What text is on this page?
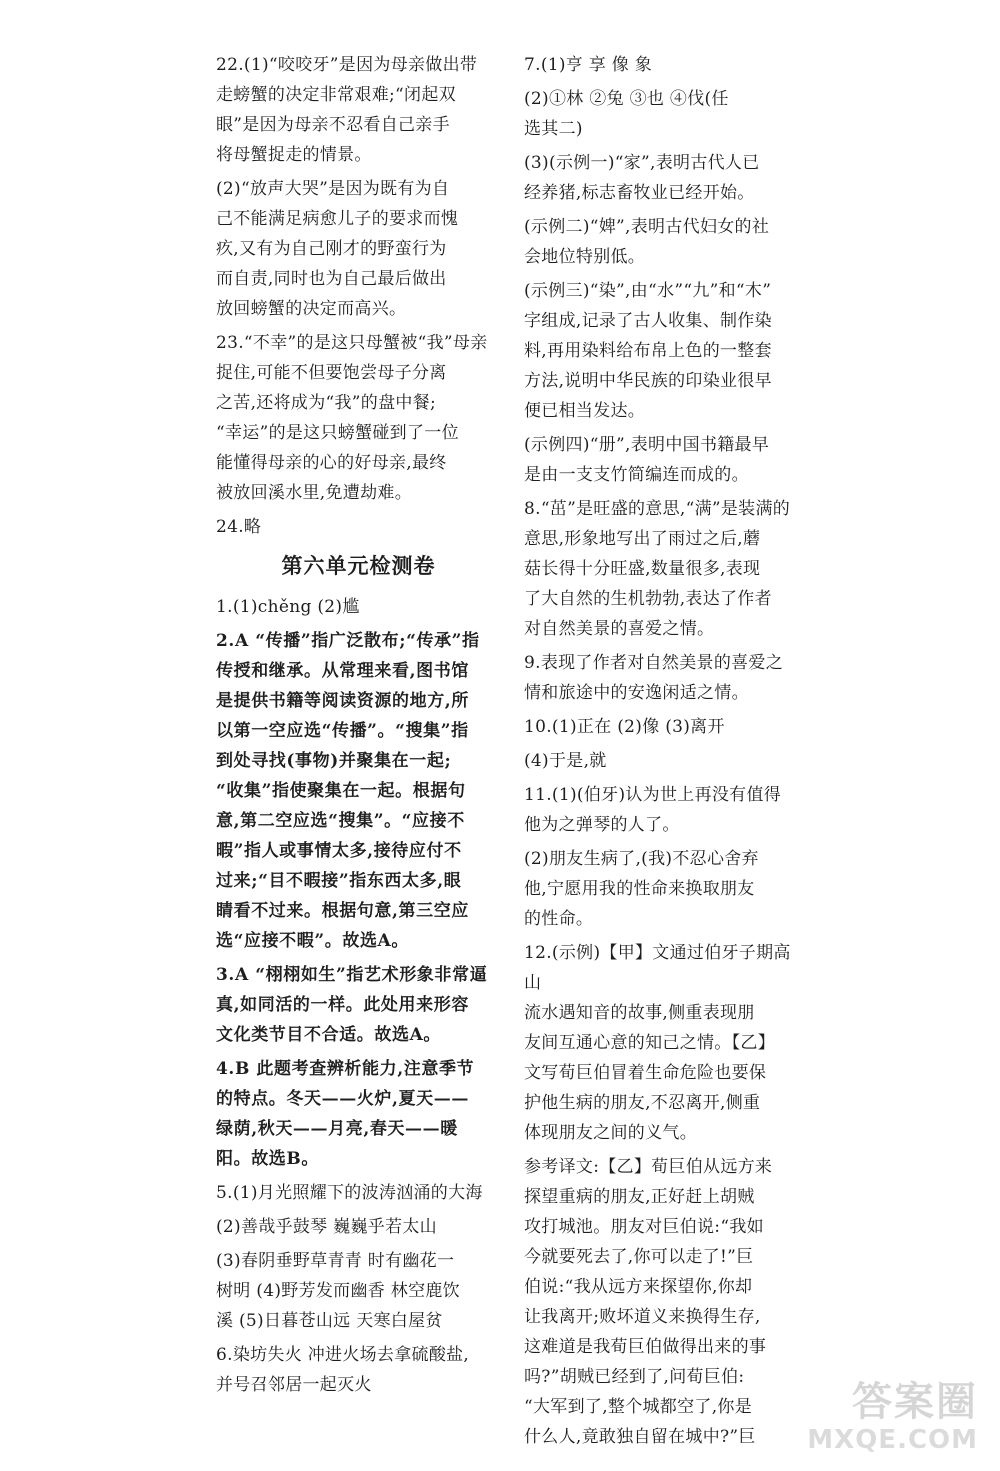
22.(1)“咬咬牙”是因为母亲做出带
走螃蟹的决定非常艰难;“闭起双
眼”是因为母亲不忍看自己亲手
将母蟹捉走的情景。

(2)“放声大哭”是因为既有为自
己不能满足病愈儿子的要求而愧
疚,又有为自己刚才的野蛮行为
而自责,同时也为自己最后做出
放回螃蟹的决定而高兴。

23.“不幸”的是这只母蟹被“我”母亲
捉住,可能不但要饱尝母子分离
之苦,还将成为“我”的盘中餐;
“幸运”的是这只螃蟹碰到了一位
能懂得母亲的心的好母亲,最终
被放回溪水里,免遭劫难。

24.略

第六单元检测卷

1.(1)chěng (2)尴

2.A “传播”指广泛散布;“传承”指
传授和继承。从常理来看,图书馆
是提供书籍等阅读资源的地方,所
以第一空应选“传播”。“搜集”指
到处寻找(事物)并聚集在一起;
“收集”指使聚集在一起。根据句
意,第二空应选“搜集”。“应接不
暇”指人或事情太多,接待应付不
过来;“目不暇接”指东西太多,眼
睛看不过来。根据句意,第三空应
选“应接不暇”。故选A。

3.A “栩栩如生”指艺术形象非常逼
真,如同活的一样。此处用来形容
文化类节目不合适。故选A。

4.B 此题考查辨析能力,注意季节
的特点。冬天——火炉,夏天——
绿荫,秋天——月亮,春天——暖
阳。故选B。

5.(1)月光照耀下的波涛汹涌的大海

(2)善哉乎鼓琴 巍巍乎若太山

(3)春阴垂野草青青 时有幽花一
树明 (4)野芳发而幽香 林空鹿饮
溪 (5)日暮苍山远 天寒白屋贫

6.染坊失火 冲进火场去拿硫酸盐,
并号召邻居一起灭火

7.(1)亨 享 像 象

(2)①林 ②兔 ③也 ④伐(任
选其二)

(3)(示例一)“家”,表明古代人已
经养猪,标志畜牧业已经开始。

(示例二)“婢”,表明古代妇女的社
会地位特别低。

(示例三)“染”,由“水”“九”和“木”
字组成,记录了古人收集、制作染
料,再用染料给布帛上色的一整套
方法,说明中华民族的印染业很早
便已相当发达。

(示例四)“册”,表明中国书籍最早
是由一支支竹简编连而成的。

8.“茁”是旺盛的意思,“满”是装满的
意思,形象地写出了雨过之后,蘑
菇长得十分旺盛,数量很多,表现
了大自然的生机勃勃,表达了作者
对自然美景的喜爱之情。

9.表现了作者对自然美景的喜爱之
情和旅途中的安逸闲适之情。

10.(1)正在 (2)像 (3)离开

(4)于是,就

11.(1)(伯牙)认为世上再没有值得
他为之弹琴的人了。

(2)朋友生病了,(我)不忍心舍弃
他,宁愿用我的性命来换取朋友
的性命。

12.(示例)【甲】文通过伯牙子期高山
流水遇知音的故事,侧重表现朋
友间互通心意的知己之情。【乙】
文写荀巨伯冒着生命危险也要保
护他生病的朋友,不忍离开,侧重
体现朋友之间的义气。

参考译文:【乙】荀巨伯从远方来
探望重病的朋友,正好赶上胡贼
攻打城池。朋友对巨伯说:“我如
今就要死去了,你可以走了!”巨
伯说:“我从远方来探望你,你却
让我离开;败坏道义来换得生存,
这难道是我荀巨伯做得出来的事
吗?”胡贼已经到了,问荀巨伯:
“大军到了,整个城都空了,你是
什么人,竟敢独自留在城中?”巨

答案圈
MXQE.COM
